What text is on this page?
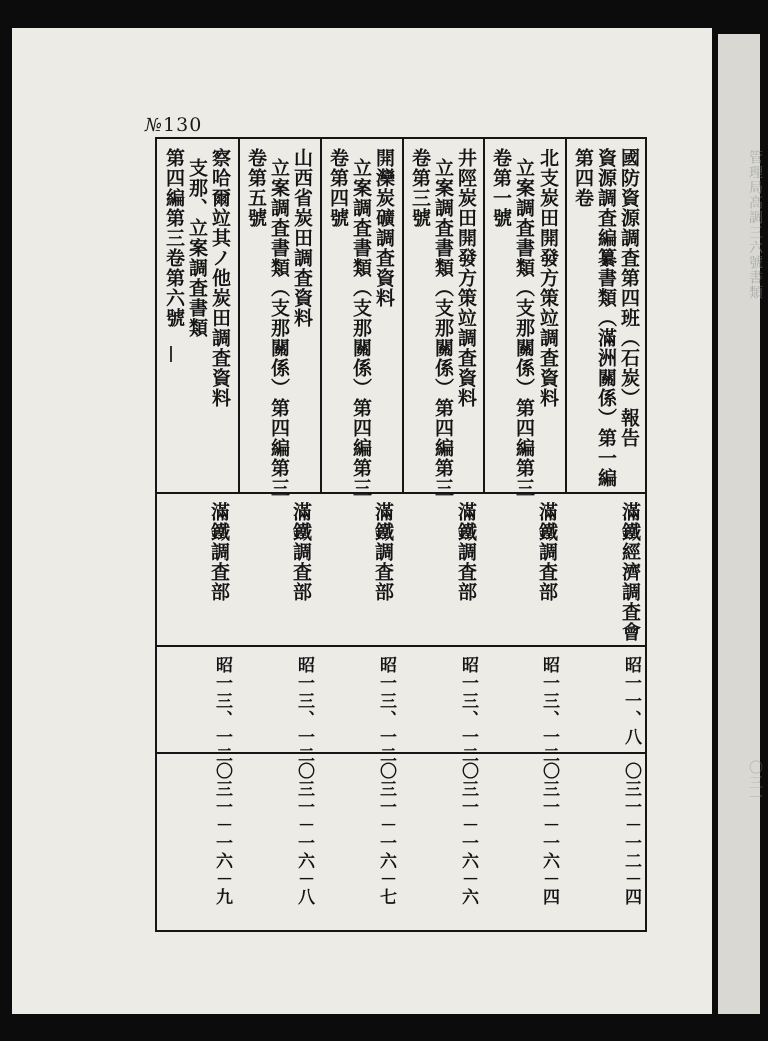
管理局高調三六號書類
〇三一
№130
國防資源調査第四班（石炭）報告
資源調査編纂書類（滿洲關係）第一編
第四卷
滿鐵經濟調査會
昭一一、八
〇三一－一二－四
北支炭田開發方策竝調査資料
立案調査書類（支那關係）第四編第三
卷第一號
滿鐵調査部
昭一三、一二
〇三一－一六－四
井陘炭田開發方策竝調査資料
立案調査書類（支那關係）第四編第三
卷第三號
滿鐵調査部
昭一三、一二
〇三一－一六－六
開灤炭礦調査資料
立案調査書類（支那關係）第四編第三
卷第四號
滿鐵調査部
昭一三、一二
〇三一－一六－七
山西省炭田調査資料
立案調査書類（支那關係）第四編第三
卷第五號
滿鐵調査部
昭一三、一二
〇三一－一六－八
察哈爾竝其ノ他炭田調査資料
支那、立案調査書類
第四編第三卷第六號
滿鐵調査部
昭一三、一二
〇三一－一六－九
